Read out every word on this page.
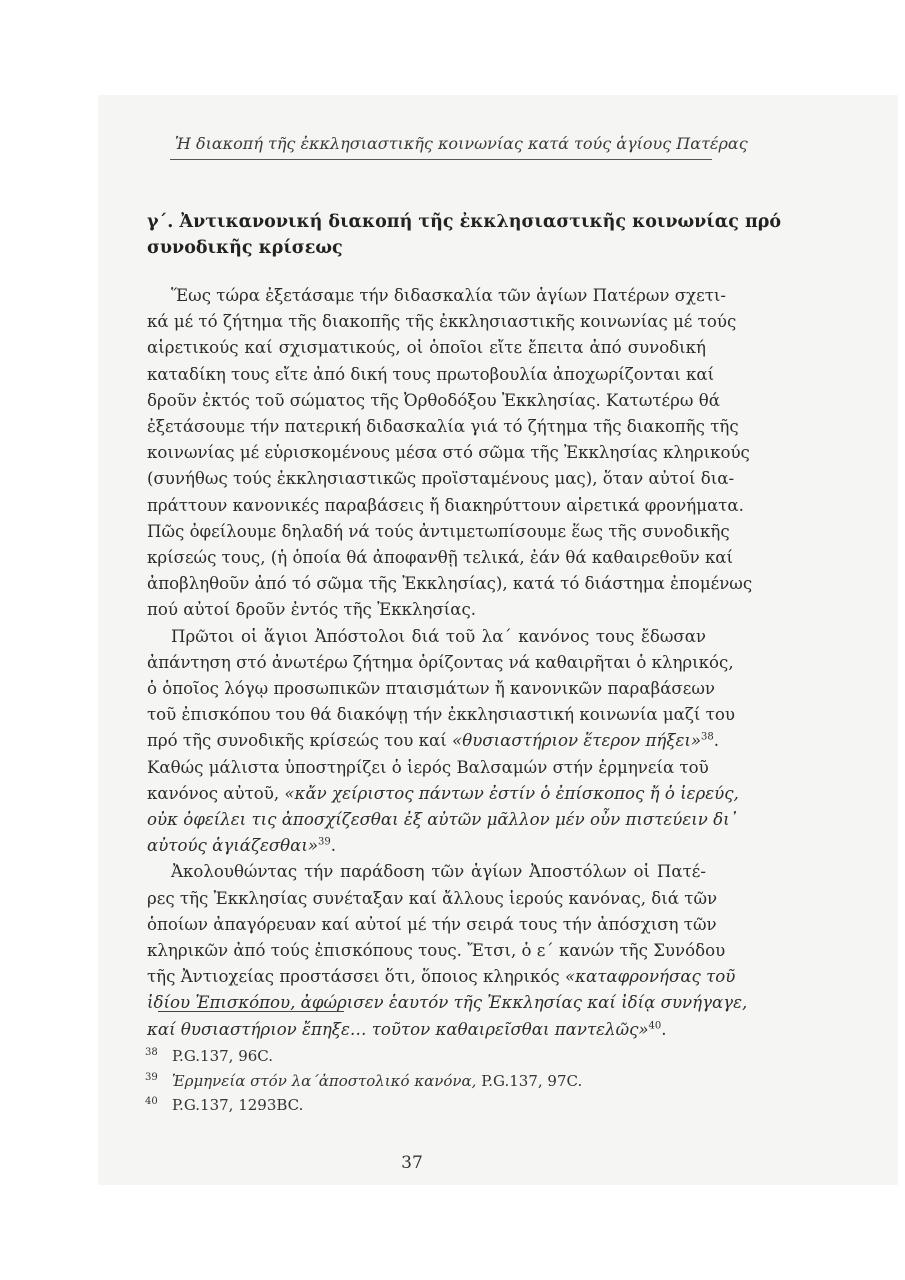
Ἡ διακοπή τῆς ἐκκλησιαστικῆς κοινωνίας κατά τούς ἁγίους Πατέρας
γ΄. Ἀντικανονική διακοπή τῆς ἐκκλησιαστικῆς κοινωνίας πρό
συνοδικῆς κρίσεως

Ἕως τώρα ἐξετάσαμε τήν διδασκαλία τῶν ἁγίων Πατέρων σχετι-
κά μέ τό ζήτημα τῆς διακοπῆς τῆς ἐκκλησιαστικῆς κοινωνίας μέ τούς
αἱρετικούς καί σχισματικούς, οἱ ὁποῖοι εἴτε ἔπειτα ἀπό συνοδική
καταδίκη τους εἴτε ἀπό δική τους πρωτοβουλία ἀποχωρίζονται καί
δροῦν ἐκτός τοῦ σώματος τῆς Ὀρθοδόξου Ἐκκλησίας. Κατωτέρω θά
ἐξετάσουμε τήν πατερική διδασκαλία γιά τό ζήτημα τῆς διακοπῆς τῆς
κοινωνίας μέ εὑρισκομένους μέσα στό σῶμα τῆς Ἐκκλησίας κληρικούς
(συνήθως τούς ἐκκλησιαστικῶς προϊσταμένους μας), ὅταν αὐτοί δια-
πράττουν κανονικές παραβάσεις ἤ διακηρύττουν αἱρετικά φρονήματα.
Πῶς ὀφείλουμε δηλαδή νά τούς ἀντιμετωπίσουμε ἕως τῆς συνοδικῆς
κρίσεώς τους, (ἡ ὁποία θά ἀποφανθῇ τελικά, ἐάν θά καθαιρεθοῦν καί
ἀποβληθοῦν ἀπό τό σῶμα τῆς Ἐκκλησίας), κατά τό διάστημα ἐπομένως
πού αὐτοί δροῦν ἐντός τῆς Ἐκκλησίας.

Πρῶτοι οἱ ἅγιοι Ἀπόστολοι διά τοῦ λα΄ κανόνος τους ἔδωσαν
ἀπάντηση στό ἀνωτέρω ζήτημα ὁρίζοντας νά καθαιρῆται ὁ κληρικός,
ὁ ὁποῖος λόγῳ προσωπικῶν πταισμάτων ἤ κανονικῶν παραβάσεων
τοῦ ἐπισκόπου του θά διακόψῃ τήν ἐκκλησιαστική κοινωνία μαζί του
πρό τῆς συνοδικῆς κρίσεώς του καί «θυσιαστήριον ἕτερον πήξει»$^{38}$.
Καθώς μάλιστα ὑποστηρίζει ὁ ἱερός Βαλσαμών στήν ἑρμηνεία τοῦ
κανόνος αὐτοῦ, «κἄν χείριστος πάντων ἐστίν ὁ ἐπίσκοπος ἤ ὁ ἱερεύς,
οὐκ ὀφείλει τις ἀποσχίζεσθαι ἐξ αὐτῶν μᾶλλον μέν οὖν πιστεύειν δι᾽
αὐτούς ἁγιάζεσθαι»$^{39}$.

Ἀκολουθώντας τήν παράδοση τῶν ἁγίων Ἀποστόλων οἱ Πατέ-
ρες τῆς Ἐκκλησίας συνέταξαν καί ἄλλους ἱερούς κανόνας, διά τῶν
ὁποίων ἀπαγόρευαν καί αὐτοί μέ τήν σειρά τους τήν ἀπόσχιση τῶν
κληρικῶν ἀπό τούς ἐπισκόπους τους. Ἔτσι, ὁ ε΄ κανών τῆς Συνόδου
τῆς Ἀντιοχείας προστάσσει ὅτι, ὅποιος κληρικός «καταφρονήσας τοῦ
ἰδίου Ἐπισκόπου, ἀφώρισεν ἑαυτόν τῆς Ἐκκλησίας καί ἰδίᾳ συνήγαγε,
καί θυσιαστήριον ἔπηξε… τοῦτον καθαιρεῖσθαι παντελῶς»$^{40}$.

38 P.G.137, 96C.
39 Ἑρμηνεία στόν λα΄ἀποστολικό κανόνα, P.G.137, 97C.
40 P.G.137, 1293BC.
37
